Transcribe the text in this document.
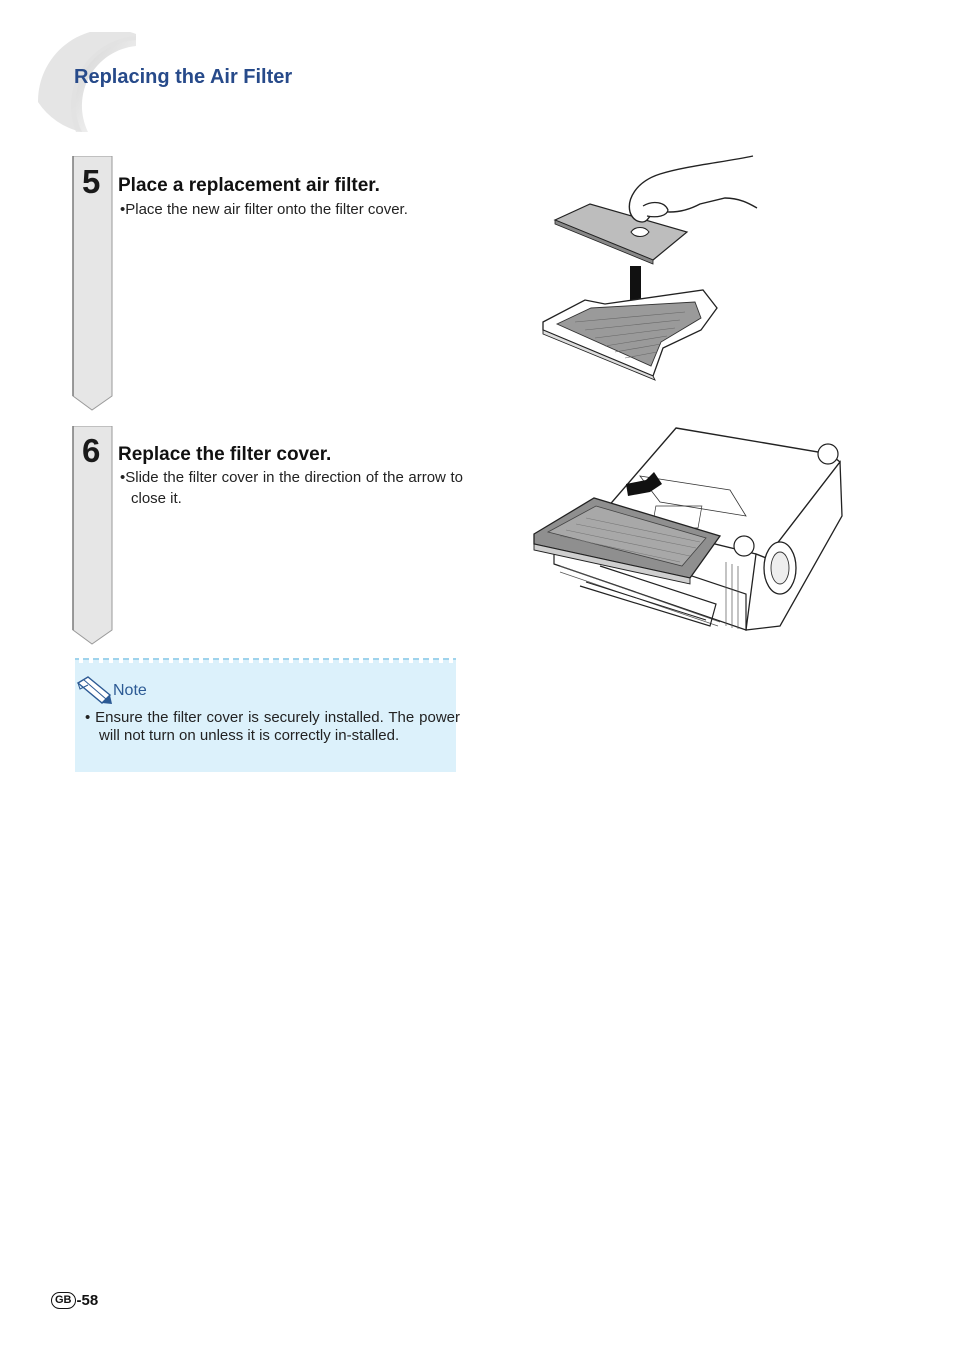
Replacing the Air Filter
5 Place a replacement air filter.

•Place the new air filter onto the filter cover.

6 Replace the filter cover.

•Slide the filter cover in the direction of the arrow to close it.

Note

• Ensure the filter cover is securely installed. The power will not turn on unless it is correctly in-stalled.

GB -58
